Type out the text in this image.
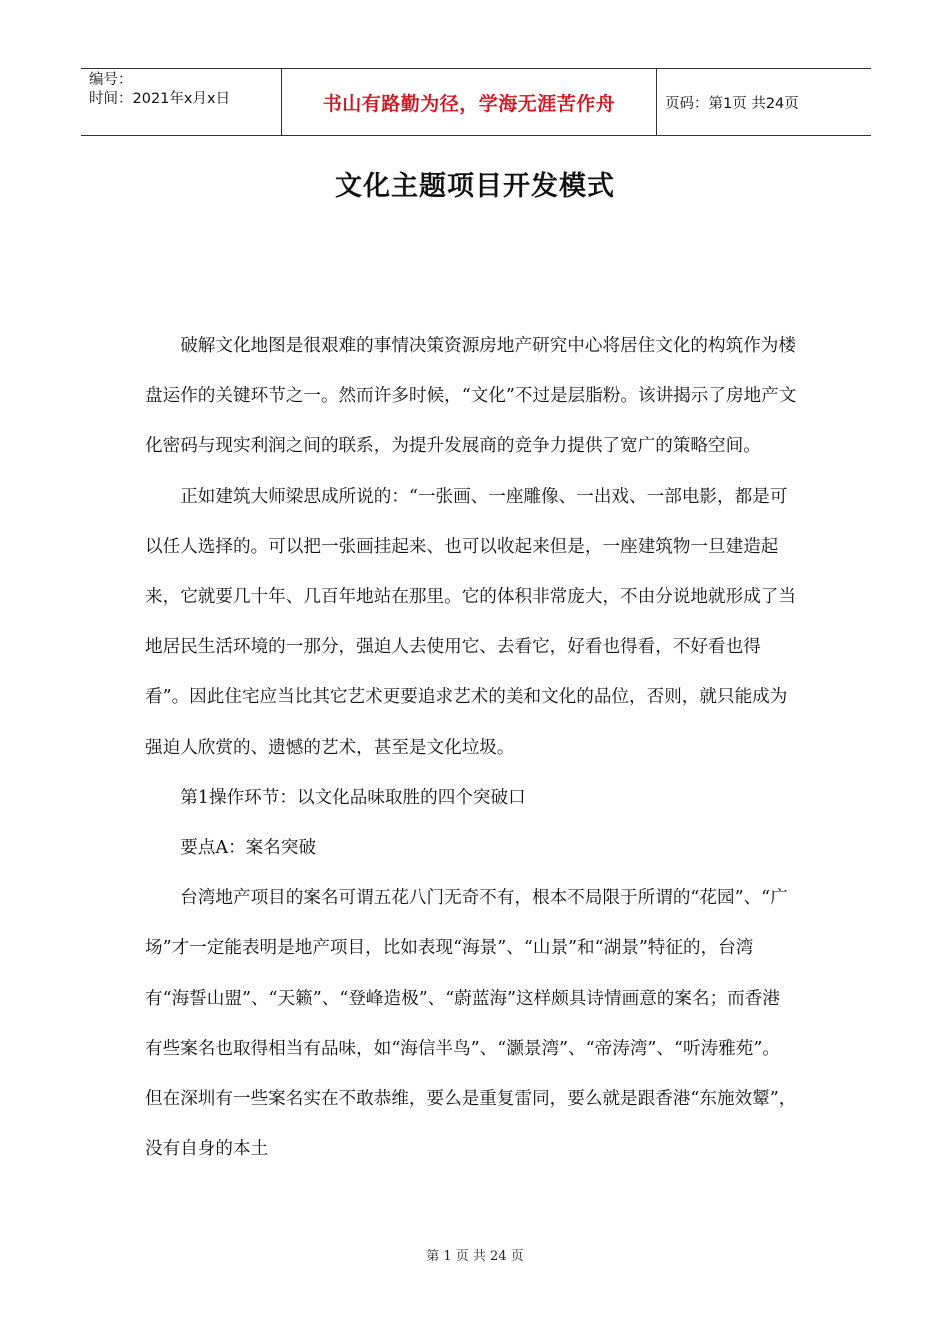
编号：
时间：2021年x月x日	书山有路勤为径，学海无涯苦作舟	页码：第1页 共24页
文化主题项目开发模式

破解文化地图是很艰难的事情决策资源房地产研究中心将居住文化的构筑作为楼盘运作的关键环节之一。然而许多时候，“文化”不过是层脂粉。该讲揭示了房地产文化密码与现实利润之间的联系，为提升发展商的竞争力提供了宽广的策略空间。

正如建筑大师梁思成所说的：“一张画、一座雕像、一出戏、一部电影，都是可以任人选择的。可以把一张画挂起来、也可以收起来但是，一座建筑物一旦建造起来，它就要几十年、几百年地站在那里。它的体积非常庞大，不由分说地就形成了当地居民生活环境的一那分，强迫人去使用它、去看它，好看也得看，不好看也得看”。因此住宅应当比其它艺术更要追求艺术的美和文化的品位，否则，就只能成为强迫人欣赏的、遗憾的艺术，甚至是文化垃圾。

第1操作环节：以文化品味取胜的四个突破口

要点A：案名突破

台湾地产项目的案名可谓五花八门无奇不有，根本不局限于所谓的“花园”、“广场”才一定能表明是地产项目，比如表现“海景”、“山景”和“湖景”特征的，台湾有“海誓山盟”、“天籁”、“登峰造极”、“蔚蓝海”这样颇具诗情画意的案名；而香港有些案名也取得相当有品味，如“海信半鸟”、“灏景湾”、“帝涛湾”、“听涛雅苑”。但在深圳有一些案名实在不敢恭维，要么是重复雷同，要么就是跟香港“东施效颦”，没有自身的本土

第 1 页 共 24 页
